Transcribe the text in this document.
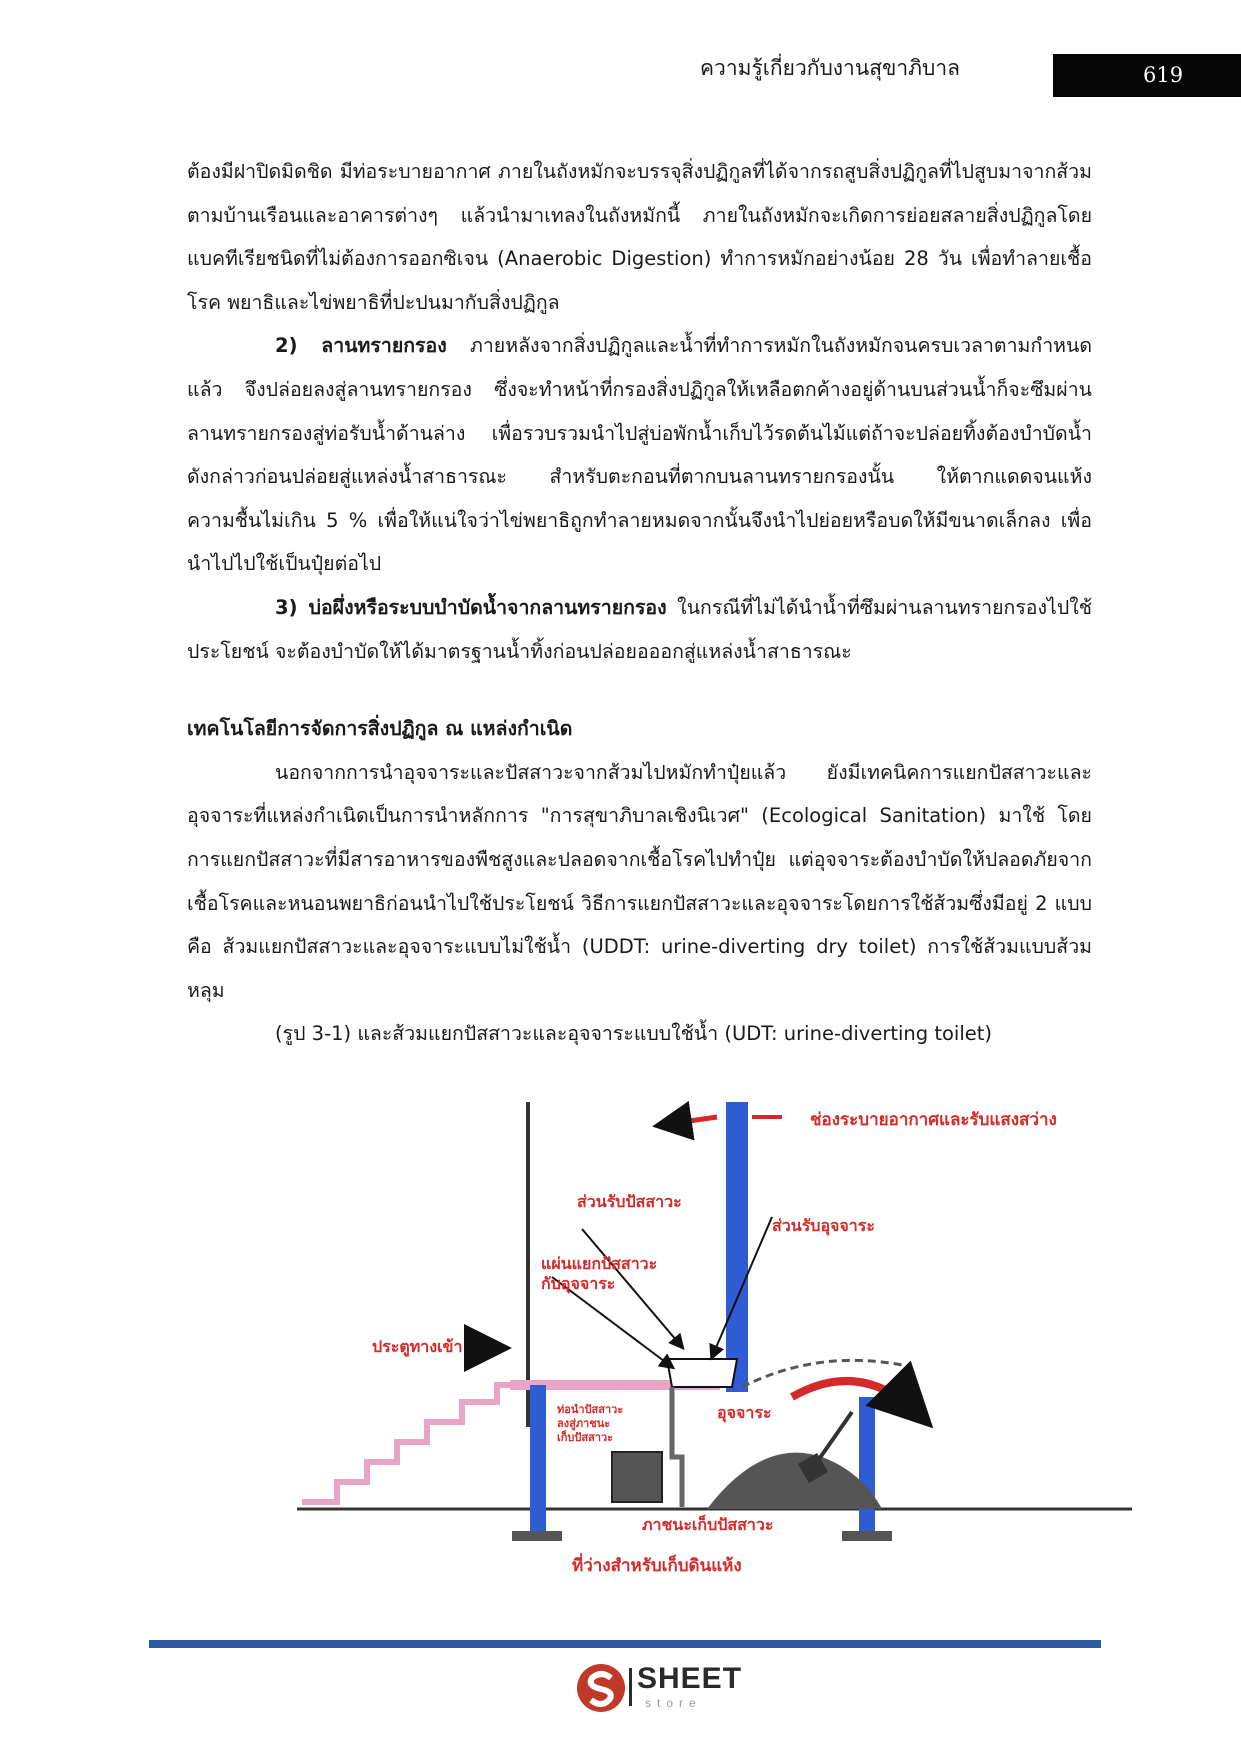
ความรู้เกี่ยวกับงานสุขาภิบาล	619

ต้องมีฝาปิดมิดชิด มีท่อระบายอากาศ ภายในถังหมักจะบรรจุสิ่งปฏิกูลที่ได้จากรถสูบสิ่งปฏิกูลที่ไปสูบมาจากส้วม ตามบ้านเรือนและอาคารต่างๆ แล้วนำมาเทลงในถังหมักนี้ ภายในถังหมักจะเกิดการย่อยสลายสิ่งปฏิกูลโดยแบคทีเรียชนิดที่ไม่ต้องการออกซิเจน (Anaerobic Digestion) ทำการหมักอย่างน้อย 28 วัน เพื่อทำลายเชื้อโรค พยาธิและไข่พยาธิที่ปะปนมากับสิ่งปฏิกูล

2) ลานทรายกรอง ภายหลังจากสิ่งปฏิกูลและน้ำที่ทำการหมักในถังหมักจนครบเวลาตามกำหนดแล้ว จึงปล่อยลงสู่ลานทรายกรอง ซึ่งจะทำหน้าที่กรองสิ่งปฏิกูลให้เหลือตกค้างอยู่ด้านบนส่วนน้ำก็จะซึมผ่านลานทรายกรองสู่ท่อรับน้ำด้านล่าง เพื่อรวบรวมนำไปสู่บ่อพักน้ำเก็บไว้รดต้นไม้แต่ถ้าจะปล่อยทิ้งต้องบำบัดน้ำดังกล่าวก่อนปล่อยสู่แหล่งน้ำสาธารณะ สำหรับตะกอนที่ตากบนลานทรายกรองนั้น ให้ตากแดดจนแห้งความชื้นไม่เกิน 5 % เพื่อให้แน่ใจว่าไข่พยาธิถูกทำลายหมดจากนั้นจึงนำไปย่อยหรือบดให้มีขนาดเล็กลง เพื่อนำไปไปใช้เป็นปุ๋ยต่อไป

3) บ่อผึ่งหรือระบบบำบัดน้ำจากลานทรายกรอง ในกรณีที่ไม่ได้นำน้ำที่ซึมผ่านลานทรายกรองไปใช้ประโยชน์ จะต้องบำบัดให้ได้มาตรฐานน้ำทิ้งก่อนปล่อยอออกสู่แหล่งน้ำสาธารณะ

เทคโนโลยีการจัดการสิ่งปฏิกูล ณ แหล่งกำเนิด

นอกจากการนำอุจจาระและปัสสาวะจากส้วมไปหมักทำปุ๋ยแล้ว ยังมีเทคนิคการแยกปัสสาวะและอุจจาระที่แหล่งกำเนิดเป็นการนำหลักการ "การสุขาภิบาลเชิงนิเวศ" (Ecological Sanitation) มาใช้ โดยการแยกปัสสาวะที่มีสารอาหารของพืชสูงและปลอดจากเชื้อโรคไปทำปุ๋ย แต่อุจจาระต้องบำบัดให้ปลอดภัยจากเชื้อโรคและหนอนพยาธิก่อนนำไปใช้ประโยชน์ วิธีการแยกปัสสาวะและอุจจาระโดยการใช้ส้วมซึ่งมีอยู่ 2 แบบ คือ ส้วมแยกปัสสาวะและอุจจาระแบบไม่ใช้น้ำ (UDDT: urine-diverting dry toilet) การใช้ส้วมแบบส้วมหลุม

(รูป 3-1) และส้วมแยกปัสสาวะและอุจจาระแบบใช้น้ำ (UDT: urine-diverting toilet)

ช่องระบายอากาศและรับแสงสว่าง
ส่วนรับปัสสาวะ
ส่วนรับอุจจาระ
แผ่นแยกปัสสาวะ
กับอุจจาระ
ประตูทางเข้า
ท่อนำปัสสาวะ
ลงสู่ภาชนะ
เก็บปัสสาวะ
อุจจาระ
ภาชนะเก็บปัสสาวะ
ที่ว่างสำหรับเก็บดินแห้ง
SHEET
store
